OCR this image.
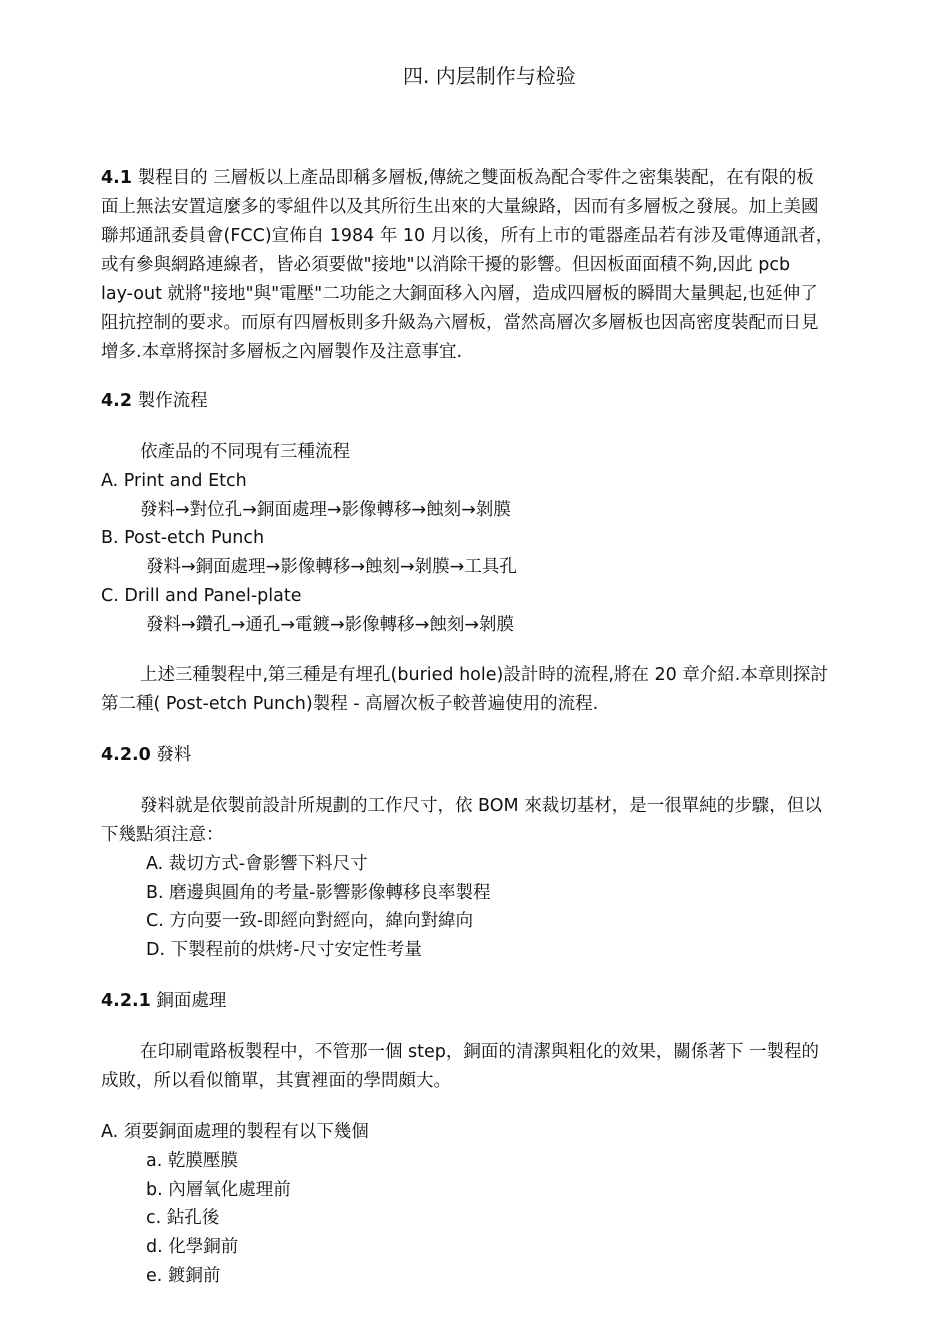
四. 内层制作与检验
4.1 製程目的 三層板以上產品即稱多層板,傳統之雙面板為配合零件之密集裝配，在有限的板
面上無法安置這麼多的零組件以及其所衍生出來的大量線路，因而有多層板之發展。加上美國
聯邦通訊委員會(FCC)宣佈自 1984 年 10 月以後，所有上市的電器產品若有涉及電傳通訊者，
或有參與網路連線者，皆必須要做"接地"以消除干擾的影響。但因板面面積不夠,因此 pcb
lay-out 就將"接地"與"電壓"二功能之大銅面移入內層，造成四層板的瞬間大量興起,也延伸了
阻抗控制的要求。而原有四層板則多升級為六層板，當然高層次多層板也因高密度裝配而日見
增多.本章將探討多層板之內層製作及注意事宜.
4.2 製作流程
依產品的不同現有三種流程
A. Print and Etch
發料→對位孔→銅面處理→影像轉移→蝕刻→剝膜
B. Post-etch Punch
發料→銅面處理→影像轉移→蝕刻→剝膜→工具孔
C. Drill and Panel-plate
發料→鑽孔→通孔→電鍍→影像轉移→蝕刻→剝膜
上述三種製程中,第三種是有埋孔(buried hole)設計時的流程,將在 20 章介紹.本章則探討
第二種( Post-etch Punch)製程 - 高層次板子較普遍使用的流程.
4.2.0 發料
發料就是依製前設計所規劃的工作尺寸，依 BOM 來裁切基材，是一很單純的步驟，但以
下幾點須注意：
A. 裁切方式-會影響下料尺寸
B. 磨邊與圓角的考量-影響影像轉移良率製程
C. 方向要一致-即經向對經向，緯向對緯向
D. 下製程前的烘烤-尺寸安定性考量
4.2.1 銅面處理
在印刷電路板製程中，不管那一個 step，銅面的清潔與粗化的效果，關係著下 一製程的
成敗，所以看似簡單，其實裡面的學問頗大。
A. 須要銅面處理的製程有以下幾個
a. 乾膜壓膜
b. 內層氧化處理前
c. 鉆孔後
d. 化學銅前
e. 鍍銅前
